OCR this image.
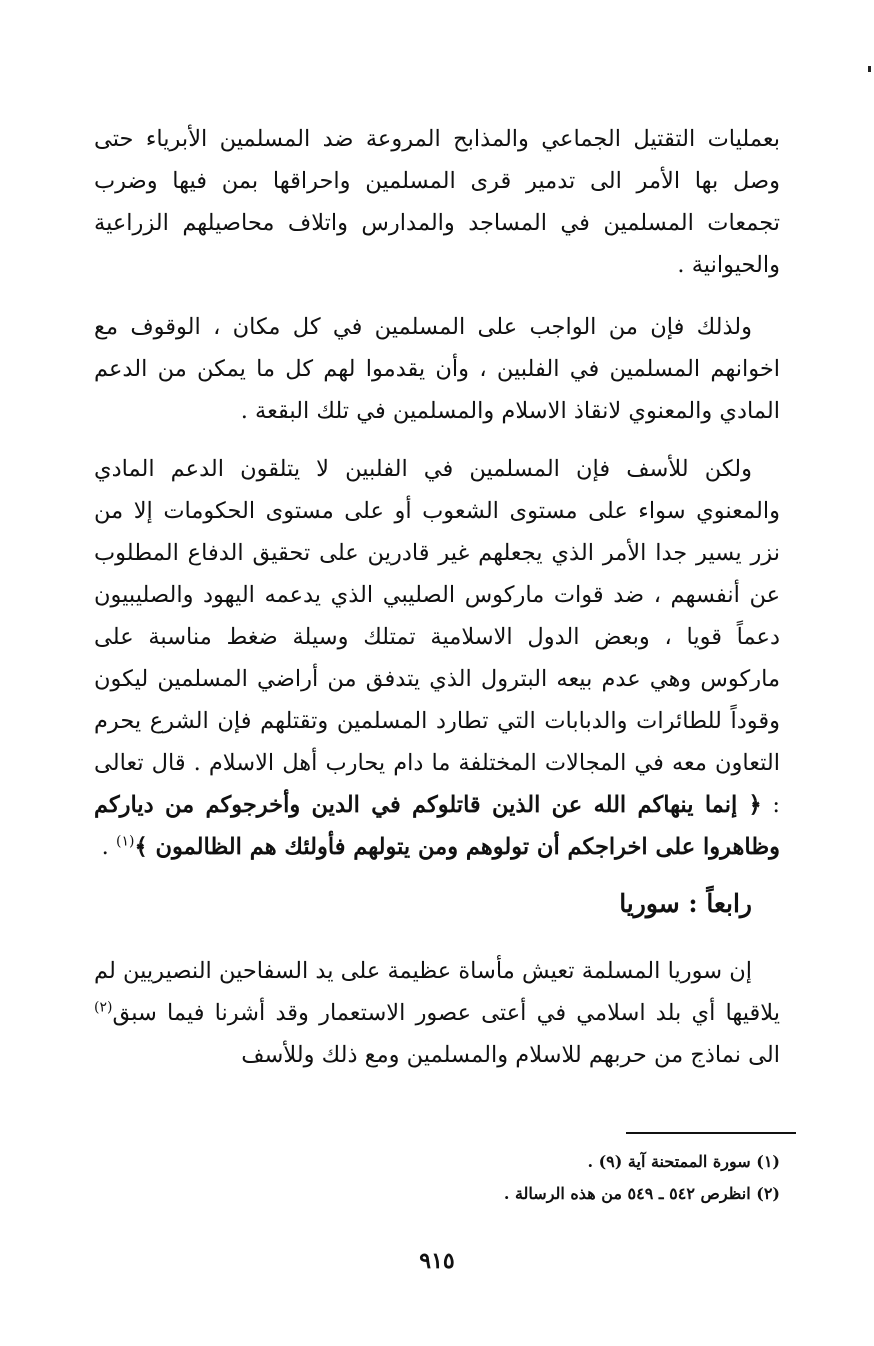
بعمليات التقتيل الجماعي والمذابح المروعة ضد المسلمين الأبرياء حتى وصل بها الأمر الى تدمير قرى المسلمين واحراقها بمن فيها وضرب تجمعات المسلمين في المساجد والمدارس واتلاف محاصيلهم الزراعية والحيوانية .

ولذلك فإن من الواجب على المسلمين في كل مكان ، الوقوف مع اخوانهم المسلمين في الفلبين ، وأن يقدموا لهم كل ما يمكن من الدعم المادي والمعنوي لانقاذ الاسلام والمسلمين في تلك البقعة .

ولكن للأسف فإن المسلمين في الفلبين لا يتلقون الدعم المادي والمعنوي سواء على مستوى الشعوب أو على مستوى الحكومات إلا من نزر يسير جدا الأمر الذي يجعلهم غير قادرين على تحقيق الدفاع المطلوب عن أنفسهم ، ضد قوات ماركوس الصليبي الذي يدعمه اليهود والصليبيون دعماً قويا ، وبعض الدول الاسلامية تمتلك وسيلة ضغط مناسبة على ماركوس وهي عدم بيعه البترول الذي يتدفق من أراضي المسلمين ليكون وقوداً للطائرات والدبابات التي تطارد المسلمين وتقتلهم فإن الشرع يحرم التعاون معه في المجالات المختلفة ما دام يحارب أهل الاسلام . قال تعالى : ﴿ إنما ينهاكم الله عن الذين قاتلوكم في الدين وأخرجوكم من دياركم وظاهروا على اخراجكم أن تولوهم ومن يتولهم فأولئك هم الظالمون ﴾$^{(١)}$ .

رابعاً : سوريا

إن سوريا المسلمة تعيش مأساة عظيمة على يد السفاحين النصيريين لم يلاقيها أي بلد اسلامي في أعتى عصور الاستعمار وقد أشرنا فيما سبق$^{(٢)}$ الى نماذج من حربهم للاسلام والمسلمين ومع ذلك وللأسف

(١) سورة الممتحنة آية (٩) .

(٢) انظرص ٥٤٢ ـ ٥٤٩ من هذه الرسالة .

٩١٥
